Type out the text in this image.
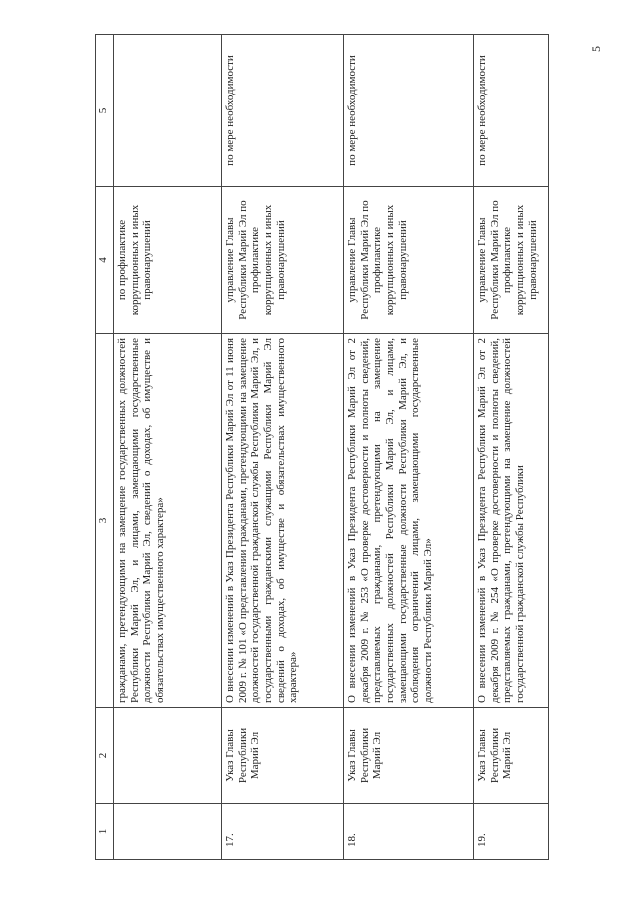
5
1	2	3	4	5
		гражданами, претендующими на замещение государственных должностей Республики Марий Эл, и лицами, замещающими государственные должности Республики Марий Эл, сведений о доходах, об имуществе и обязательствах имущественного характера»	по профилактике коррупционных и иных правонарушений	
17.	Указ Главы Республики Марий Эл	О внесении изменений в Указ Президента Республики Марий Эл от 11 июня 2009 г. № 101 «О представлении гражданами, претендующими на замещение должностей государственной гражданской службы Республики Марий Эл, и государственными гражданскими служащими Республики Марий Эл сведений о доходах, об имуществе и обязательствах имущественного характера»	управление Главы Республики Марий Эл по профилактике коррупционных и иных правонарушений	по мере необходимости
18.	Указ Главы Республики Марий Эл	О внесении изменений в Указ Президента Республики Марий Эл от 2 декабря 2009 г. № 253 «О проверке достоверности и полноты сведений, представляемых гражданами, претендующими на замещение государственных должностей Республики Марий Эл, и лицами, замещающими государственные должности Республики Марий Эл, и соблюдения ограничений лицами, замещающими государственные должности Республики Марий Эл»	управление Главы Республики Марий Эл по профилактике коррупционных и иных правонарушений	по мере необходимости
19.	Указ Главы Республики Марий Эл	О внесении изменений в Указ Президента Республики Марий Эл от 2 декабря 2009 г. № 254 «О проверке достоверности и полноты сведений, представляемых гражданами, претендующими на замещение должностей государственной гражданской службы Республики	управление Главы Республики Марий Эл по профилактике коррупционных и иных правонарушений	по мере необходимости
